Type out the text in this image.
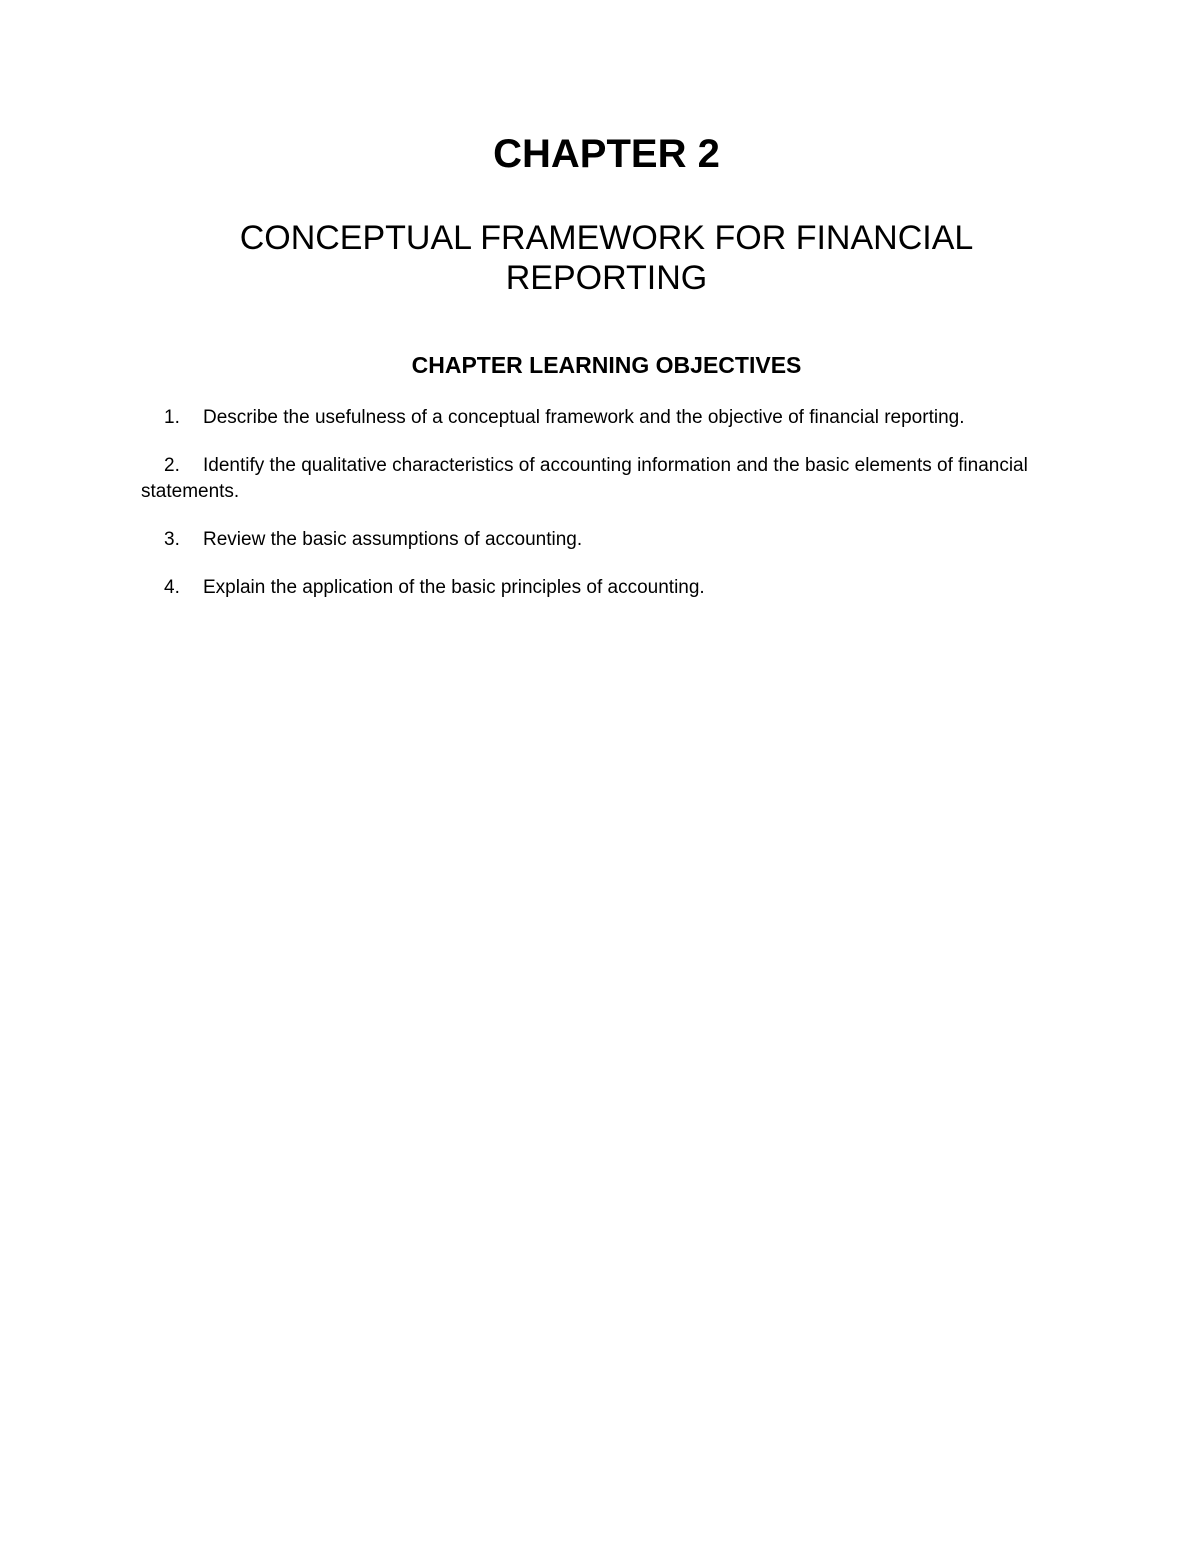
CHAPTER 2
CONCEPTUAL FRAMEWORK FOR FINANCIAL
REPORTING
CHAPTER LEARNING OBJECTIVES
1. Describe the usefulness of a conceptual framework and the objective of financial reporting.
2. Identify the qualitative characteristics of accounting information and the basic elements of financial statements.
3. Review the basic assumptions of accounting.
4. Explain the application of the basic principles of accounting.
